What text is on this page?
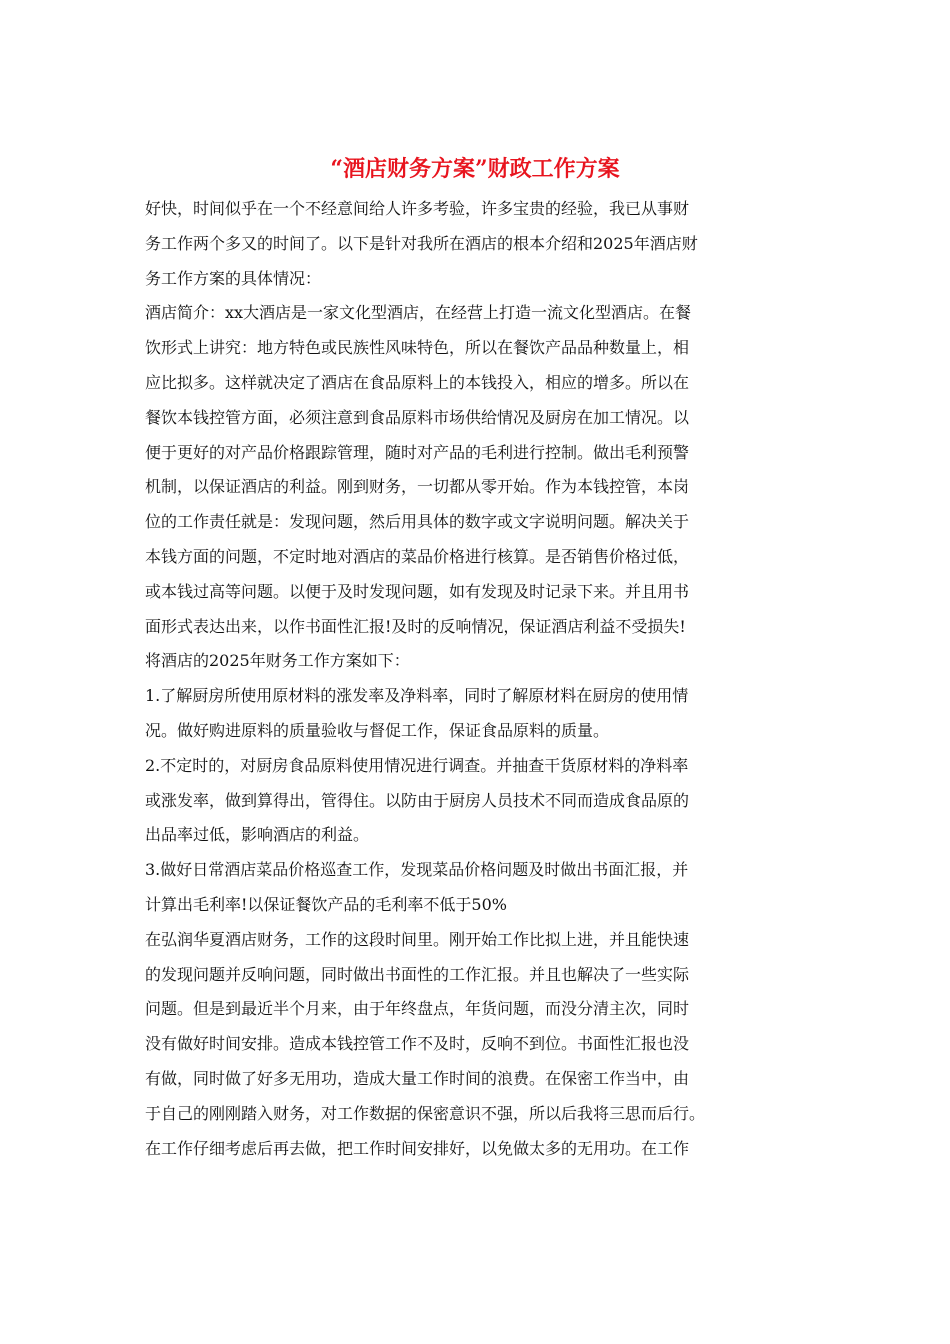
“酒店财务方案”财政工作方案
好快，时间似乎在一个不经意间给人许多考验，许多宝贵的经验，我已从事财
务工作两个多又的时间了。以下是针对我所在酒店的根本介绍和2025年酒店财
务工作方案的具体情况：
酒店简介：xx大酒店是一家文化型酒店，在经营上打造一流文化型酒店。在餐
饮形式上讲究：地方特色或民族性风味特色，所以在餐饮产品品种数量上，相
应比拟多。这样就决定了酒店在食品原料上的本钱投入，相应的增多。所以在
餐饮本钱控管方面，必须注意到食品原料市场供给情况及厨房在加工情况。以
便于更好的对产品价格跟踪管理，随时对产品的毛利进行控制。做出毛利预警
机制，以保证酒店的利益。刚到财务，一切都从零开始。作为本钱控管，本岗
位的工作责任就是：发现问题，然后用具体的数字或文字说明问题。解决关于
本钱方面的问题，不定时地对酒店的菜品价格进行核算。是否销售价格过低，
或本钱过高等问题。以便于及时发现问题，如有发现及时记录下来。并且用书
面形式表达出来，以作书面性汇报!及时的反响情况，保证酒店利益不受损失!
将酒店的2025年财务工作方案如下：
1.了解厨房所使用原材料的涨发率及净料率，同时了解原材料在厨房的使用情
况。做好购进原料的质量验收与督促工作，保证食品原料的质量。
2.不定时的，对厨房食品原料使用情况进行调查。并抽查干货原材料的净料率
或涨发率，做到算得出，管得住。以防由于厨房人员技术不同而造成食品原的
出品率过低，影响酒店的利益。
3.做好日常酒店菜品价格巡查工作，发现菜品价格问题及时做出书面汇报，并
计算出毛利率!以保证餐饮产品的毛利率不低于50%
在弘润华夏酒店财务，工作的这段时间里。刚开始工作比拟上进，并且能快速
的发现问题并反响问题，同时做出书面性的工作汇报。并且也解决了一些实际
问题。但是到最近半个月来，由于年终盘点，年货问题，而没分清主次，同时
没有做好时间安排。造成本钱控管工作不及时，反响不到位。书面性汇报也没
有做，同时做了好多无用功，造成大量工作时间的浪费。在保密工作当中，由
于自己的刚刚踏入财务，对工作数据的保密意识不强，所以后我将三思而后行。
在工作仔细考虑后再去做，把工作时间安排好，以免做太多的无用功。在工作
